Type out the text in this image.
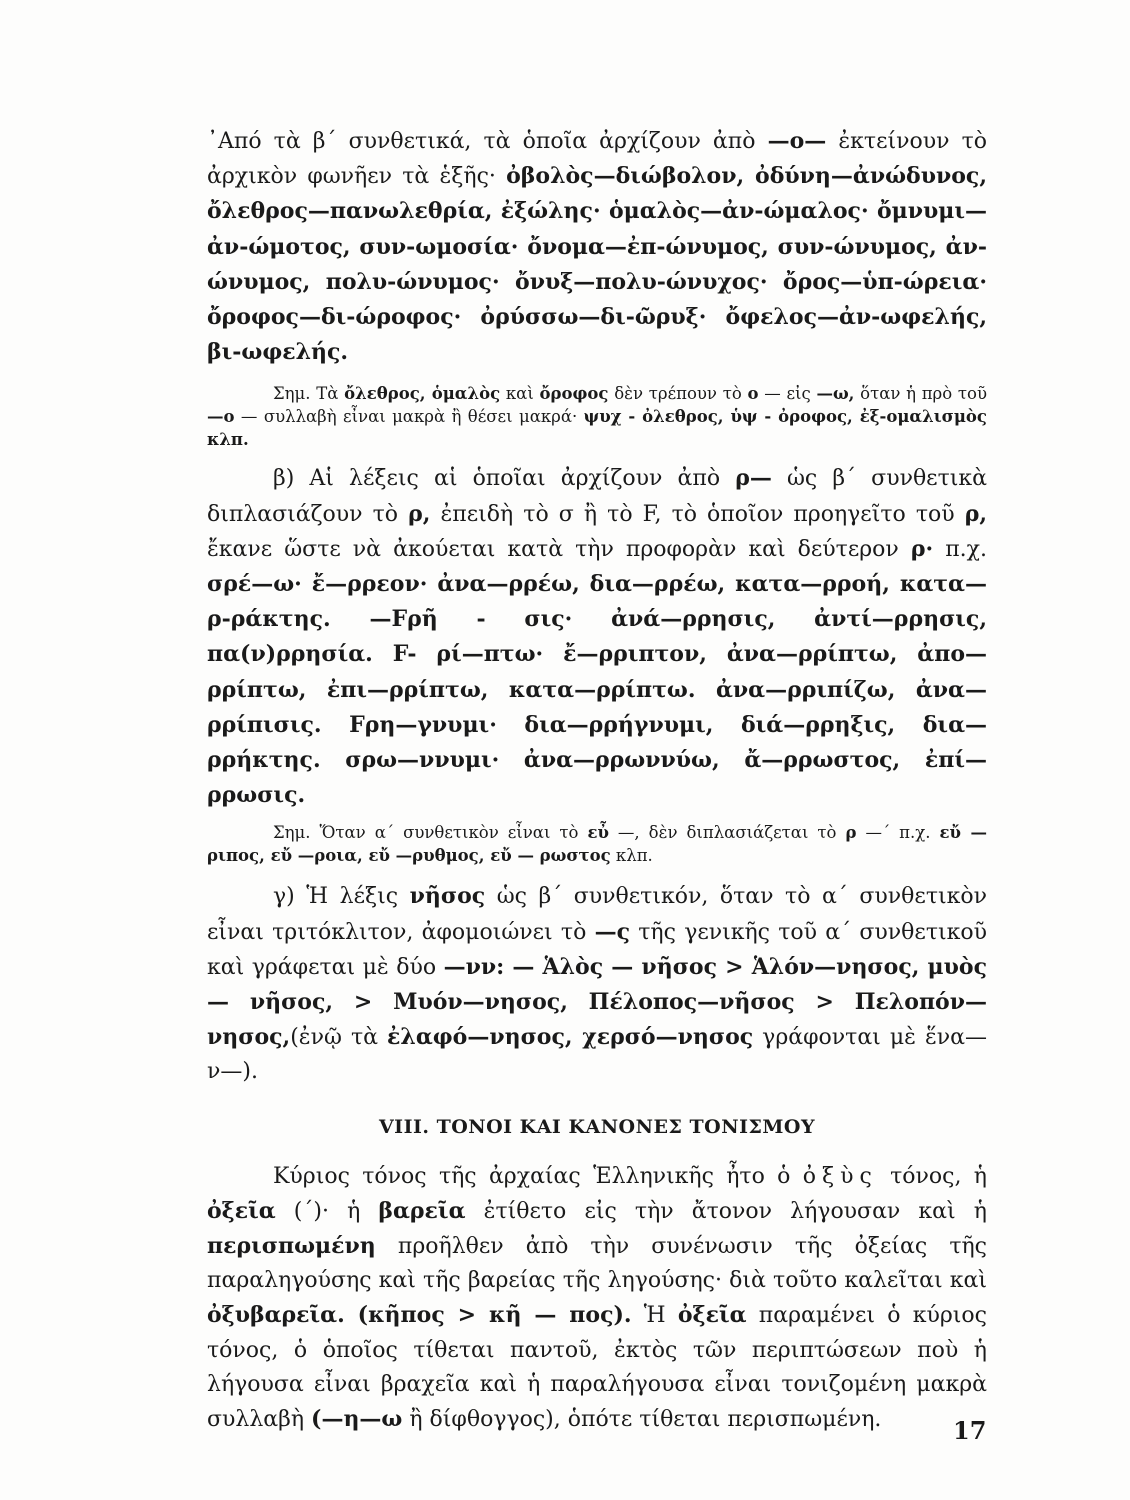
᾿Από τὰ β΄ συνθετικά, τὰ ὁποῖα ἀρχίζουν ἀπὸ —ο— ἐκτείνουν τὸ ἀρχικὸν φωνῆεν τὰ ἑξῆς· ὀβολὸς—διώβολον, ὀδύνη—ἀνώδυνος, ὄλεθρος—πανωλεθρία, ἐξώλης· ὁμαλὸς—ἀν-ώμαλος· ὄμνυμι—ἀν-ώμοτος, συν-ωμοσία· ὄνομα—ἐπ-ώνυμος, συν-ώνυμος, ἀν-ώνυμος, πολυ-ώνυμος· ὄνυξ—πολυ-ώνυχος· ὄρος—ὑπ-ώρεια· ὄροφος—δι-ώροφος· ὀρύσσω—δι-ῶρυξ· ὄφελος—ἀν-ωφελής, βι-ωφελής.

Σημ. Τὰ ὄλεθρος, ὁμαλὸς καὶ ὄροφος δὲν τρέπουν τὸ ο — εἰς —ω, ὅταν ἡ πρὸ τοῦ —ο — συλλαβὴ εἶναι μακρὰ ἢ θέσει μακρά· ψυχ - ὀλεθρος, ὑψ - ὀροφος, ἐξ-ομαλισμὸς κλπ.

β) Αἱ λέξεις αἱ ὁποῖαι ἀρχίζουν ἀπὸ ρ— ὡς β΄ συνθετικὰ διπλασιάζουν τὸ ρ, ἐπειδὴ τὸ σ ἢ τὸ F, τὸ ὁποῖον προηγεῖτο τοῦ ρ, ἔκανε ὥστε νὰ ἀκούεται κατὰ τὴν προφορὰν καὶ δεύτερον ρ· π.χ. σρέ—ω· ἔ—ρρεον· ἀνα—ρρέω, δια—ρρέω, κατα—ρροή, κατα—ρ-ράκτης. —Fρῆ - σις· ἀνά—ρρησις, ἀντί—ρρησις, πα(ν)ρρησία. F- ρί—πτω· ἔ—ρριπτον, ἀνα—ρρίπτω, ἀπο—ρρίπτω, ἐπι—ρρίπτω, κατα—ρρίπτω. ἀνα—ρριπίζω, ἀνα—ρρίπισις. Fρη—γνυμι· δια—ρρήγνυμι, διά—ρρηξις, δια—ρρήκτης. σρω—ννυμι· ἀνα—ρρωννύω, ἄ—ρρωστος, ἐπί—ρρωσις.

Σημ. Ὅταν α΄ συνθετικὸν εἶναι τὸ εὖ —, δὲν διπλασιάζεται τὸ ρ —΄ π.χ. εὔ — ριπος, εὔ —ροια, εὔ —ρυθμος, εὔ — ρωστος κλπ.

γ) Ἡ λέξις νῆσος ὡς β΄ συνθετικόν, ὅταν τὸ α΄ συνθετικὸν εἶναι τριτόκλιτον, ἀφομοιώνει τὸ —ς τῆς γενικῆς τοῦ α΄ συνθετικοῦ καὶ γράφεται μὲ δύο —νν: — Ἁλὸς — νῆσος > Ἁλόν—νησος, μυὸς — νῆσος, > Μυόν—νησος, Πέλοπος—νῆσος > Πελοπόν—νησος,(ἐνῷ τὰ ἐλαφό—νησος, χερσό—νησος γράφονται μὲ ἕνα—ν—).

VIII. ΤΟΝΟΙ ΚΑΙ ΚΑΝΟΝΕΣ ΤΟΝΙΣΜΟΥ

Κύριος τόνος τῆς ἀρχαίας Ἑλληνικῆς ἦτο ὁ ὀξὺς τόνος, ἡ ὀξεῖα (΄)· ἡ βαρεῖα ἐτίθετο εἰς τὴν ἄτονον λήγουσαν καὶ ἡ περισπωμένη προῆλθεν ἀπὸ τὴν συνένωσιν τῆς ὀξείας τῆς παραληγούσης καὶ τῆς βαρείας τῆς ληγούσης· διὰ τοῦτο καλεῖται καὶ ὀξυβαρεῖα. (κῆπος > κῆ — πος). Ἡ ὀξεῖα παραμένει ὁ κύριος τόνος, ὁ ὁποῖος τίθεται παντοῦ, ἐκτὸς τῶν περιπτώσεων ποὺ ἡ λήγουσα εἶναι βραχεῖα καὶ ἡ παραλήγουσα εἶναι τονιζομένη μακρὰ συλλαβὴ (—η—ω ἢ δίφθογγος), ὁπότε τίθεται περισπωμένη.	17
